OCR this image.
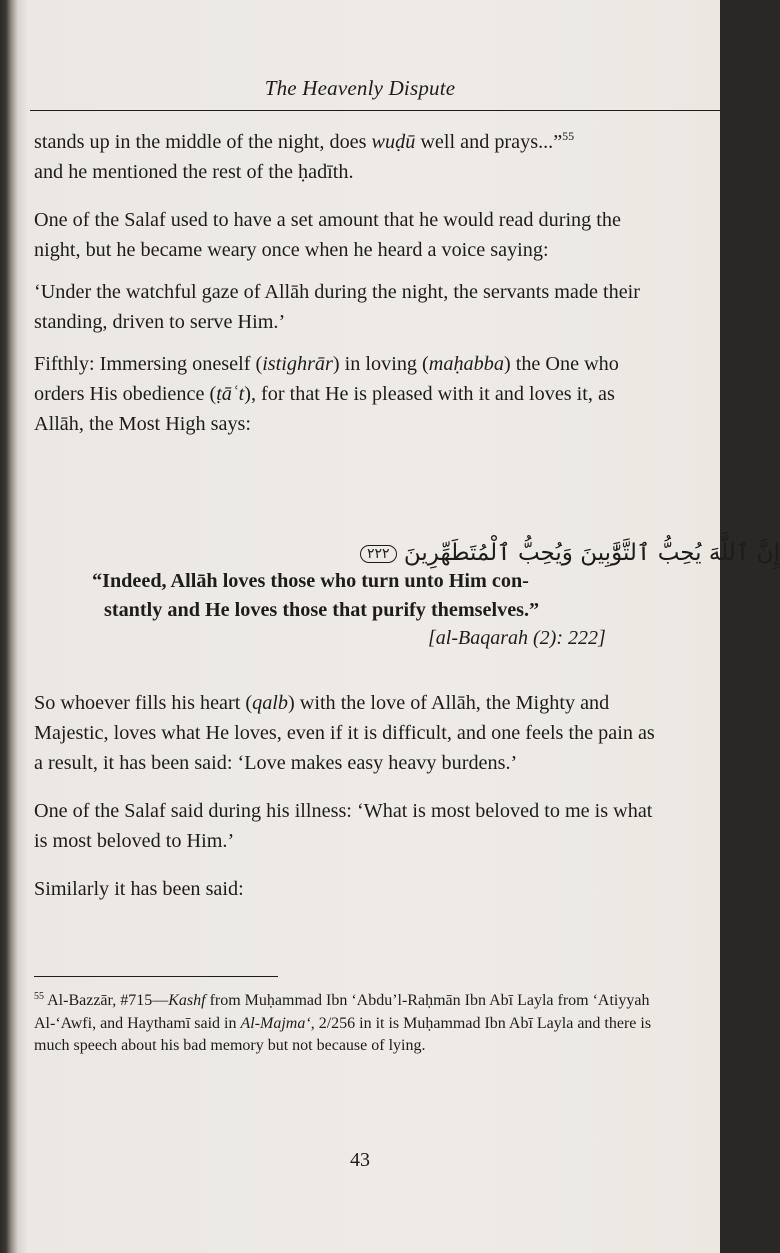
The Heavenly Dispute

stands up in the middle of the night, does wuḍū well and prays...”$^{55}$
and he mentioned the rest of the ḥadīth.

One of the Salaf used to have a set amount that he would read during the night, but he became weary once when he heard a voice saying:

‘Under the watchful gaze of Allāh during the night, the servants made their standing, driven to serve Him.’

Fifthly: Immersing oneself (istighrār) in loving (maḥabba) the One who orders His obedience (ṭāʿt), for that He is pleased with it and loves it, as Allāh, the Most High says:

إِنَّ ٱللَّهَ يُحِبُّ ٱلتَّوَّٰبِينَ وَيُحِبُّ ٱلْمُتَطَهِّرِينَ ٢٢٢
“Indeed, Allāh loves those who turn unto Him con-
stantly and He loves those that purify themselves.”
[al-Baqarah (2): 222]

So whoever fills his heart (qalb) with the love of Allāh, the Mighty and Majestic, loves what He loves, even if it is difficult, and one feels the pain as a result, it has been said: ‘Love makes easy heavy burdens.’

One of the Salaf said during his illness: ‘What is most beloved to me is what is most beloved to Him.’

Similarly it has been said:

$^{55}$ Al-Bazzār, #715—Kashf from Muḥammad Ibn ‘Abdu’l-Raḥmān Ibn Abī Layla from ‘Atiyyah Al-‘Awfi, and Haythamī said in Al-Majma‘, 2/256 in it is Muḥammad Ibn Abī Layla and there is much speech about his bad memory but not because of lying.
43
